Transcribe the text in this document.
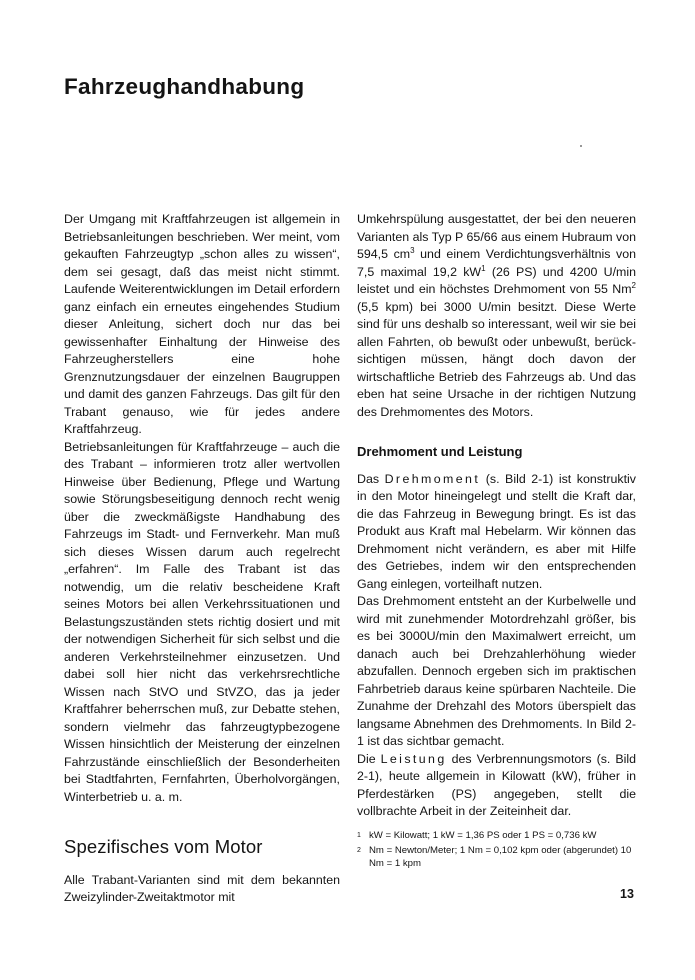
Fahrzeughandhabung

Der Umgang mit Kraftfahrzeugen ist allgemein in Betriebsanleitungen beschrieben. Wer meint, vom gekauften Fahrzeugtyp „schon alles zu wissen“, dem sei gesagt, daß das meist nicht stimmt. Laufende Weiterentwicklungen im Detail erfordern ganz einfach ein erneutes eingehendes Studium dieser Anleitung, sichert doch nur das bei gewissenhafter Einhaltung der Hinweise des Fahrzeugherstellers eine hohe Grenznutzungsdauer der einzelnen Baugruppen und damit des ganzen Fahrzeugs. Das gilt für den Trabant genauso, wie für jedes andere Kraftfahrzeug.

Betriebsanleitungen für Kraftfahrzeuge – auch die des Trabant – informieren trotz aller wertvollen Hinweise über Bedienung, Pflege und Wartung sowie Störungsbeseitigung dennoch recht wenig über die zweckmäßigste Handhabung des Fahrzeugs im Stadt- und Fernverkehr. Man muß sich dieses Wissen darum auch regelrecht „erfahren“. Im Falle des Trabant ist das notwendig, um die relativ bescheidene Kraft seines Motors bei allen Verkehrssituationen und Belastungszuständen stets richtig dosiert und mit der notwendigen Sicherheit für sich selbst und die anderen Verkehrsteilnehmer einzusetzen. Und dabei soll hier nicht das verkehrsrechtliche Wissen nach StVO und StVZO, das ja jeder Kraftfahrer beherrschen muß, zur Debatte stehen, sondern vielmehr das fahrzeugtypbezogene Wissen hinsichtlich der Meisterung der einzelnen Fahrzustände einschließlich der Besonderheiten bei Stadtfahrten, Fernfahrten, Überholvorgängen, Winterbetrieb u. a. m.

Spezifisches vom Motor

Alle Trabant-Varianten sind mit dem bekannten Zweizylinder-Zweitaktmotor mit

Umkehrspülung ausgestattet, der bei den neueren Varianten als Typ P 65/66 aus einem Hubraum von 594,5 $cm^3$ und einem Verdichtungsverhältnis von 7,5 maximal 19,2 $kW^1$ (26 PS) und 4200 U/min leistet und ein höchstes Drehmoment von 55 Nm$^2$ (5,5 kpm) bei 3000 U/min besitzt. Diese Werte sind für uns deshalb so interessant, weil wir sie bei allen Fahrten, ob bewußt oder unbewußt, berücksichtigen müssen, hängt doch davon der wirtschaftliche Betrieb des Fahrzeugs ab. Und das eben hat seine Ursache in der richtigen Nutzung des Drehmomentes des Motors.

Drehmoment und Leistung

Das Drehmoment (s. Bild 2-1) ist konstruktiv in den Motor hineingelegt und stellt die Kraft dar, die das Fahrzeug in Bewegung bringt. Es ist das Produkt aus Kraft mal Hebelarm. Wir können das Drehmoment nicht verändern, es aber mit Hilfe des Getriebes, indem wir den entsprechenden Gang einlegen, vorteilhaft nutzen.

Das Drehmoment entsteht an der Kurbelwelle und wird mit zunehmender Motordrehzahl größer, bis es bei 3000U/min den Maximalwert erreicht, um danach auch bei Drehzahlerhöhung wieder abzufallen. Dennoch ergeben sich im praktischen Fahrbetrieb daraus keine spürbaren Nachteile. Die Zunahme der Drehzahl des Motors überspielt das langsame Abnehmen des Drehmoments. In Bild 2-1 ist das sichtbar gemacht.

Die Leistung des Verbrennungsmotors (s. Bild 2-1), heute allgemein in Kilowatt (kW), früher in Pferdestärken (PS) angegeben, stellt die vollbrachte Arbeit in der Zeiteinheit dar.

1 kW = Kilowatt; 1 kW = 1,36 PS oder 1 PS = 0,736 kW
2 Nm = Newton/Meter; 1 Nm = 0,102 kpm oder (abgerundet) 10 Nm = 1 kpm
13
